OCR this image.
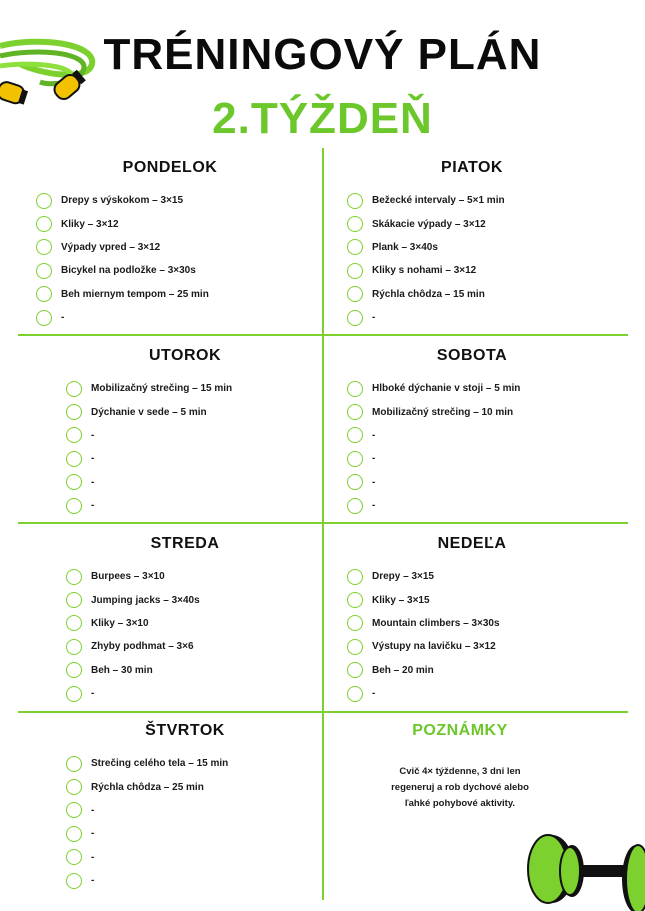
TRÉNINGOVÝ PLÁN
2.TÝŽDEŇ
PONDELOK
Drepy s výskokom – 3×15
Kliky – 3×12
Výpady vpred – 3×12
Bicykel na podložke – 3×30s
Beh miernym tempom – 25 min
-
PIATOK
Bežecké intervaly – 5×1 min
Skákacie výpady – 3×12
Plank – 3×40s
Kliky s nohami – 3×12
Rýchla chôdza – 15 min
-
UTOROK
Mobilizačný strečing – 15 min
Dýchanie v sede – 5 min
-
-
-
-
SOBOTA
Hlboké dýchanie v stoji – 5 min
Mobilizačný strečing – 10 min
-
-
-
-
STREDA
Burpees – 3×10
Jumping jacks – 3×40s
Kliky – 3×10
Zhyby podhmat – 3×6
Beh – 30 min
-
NEDEĽA
Drepy – 3×15
Kliky – 3×15
Mountain climbers – 3×30s
Výstupy na lavičku – 3×12
Beh – 20 min
-
ŠTVRTOK
Strečing celého tela – 15 min
Rýchla chôdza – 25 min
-
-
-
-
POZNÁMKY
Cvič 4× týždenne, 3 dni len
regeneruj a rob dychové alebo
ľahké pohybové aktivity.
